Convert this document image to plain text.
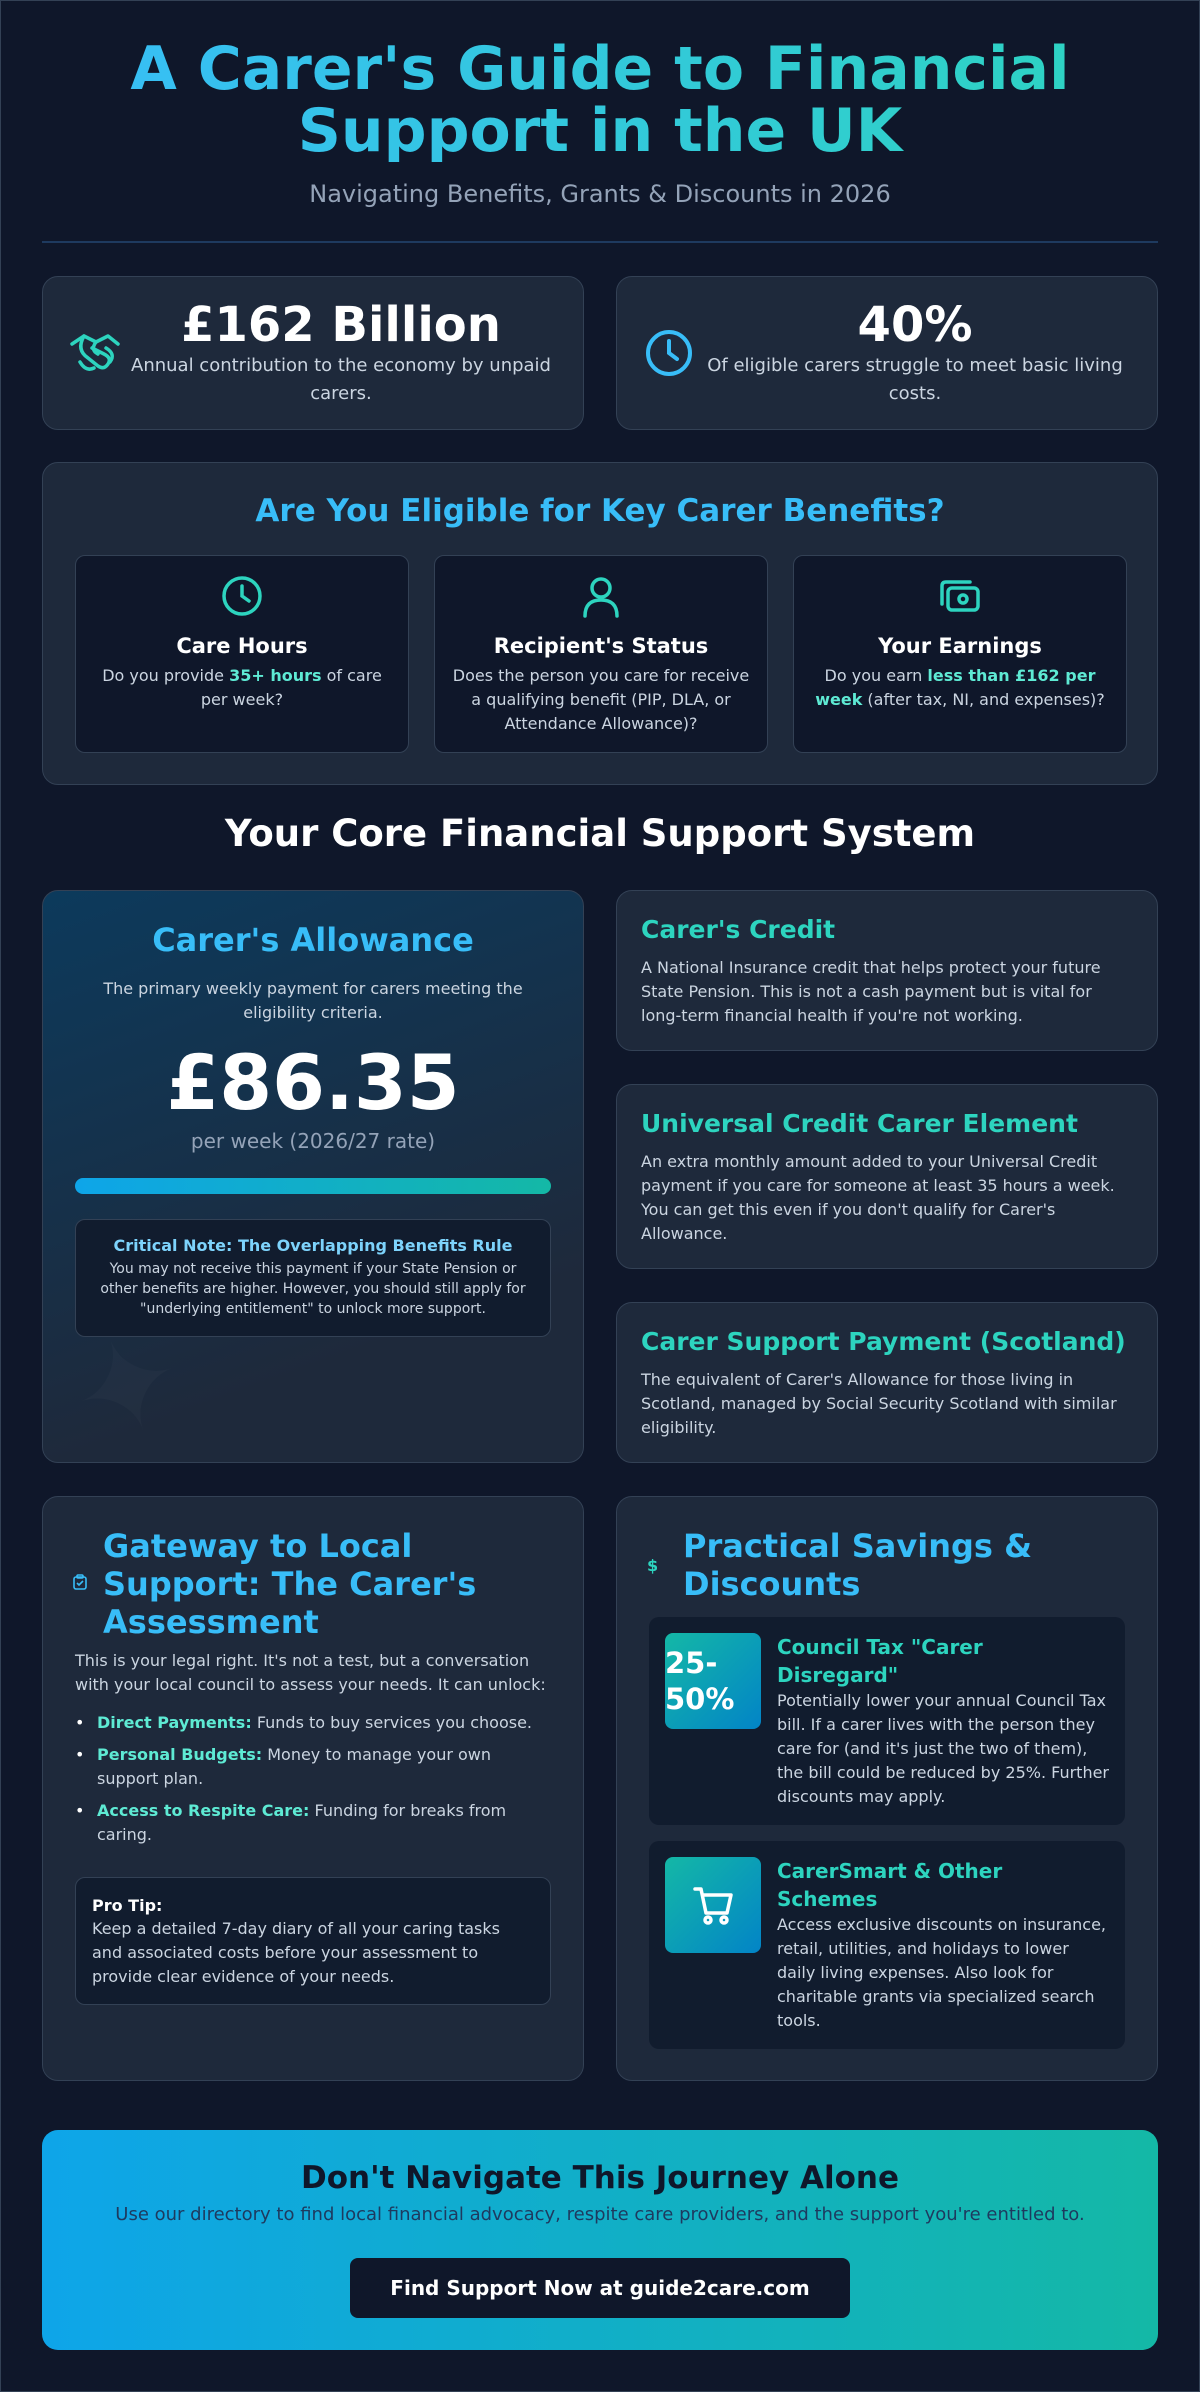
A Carer's Guide to Financial Support in the UK
Navigating Benefits, Grants & Discounts in 2026
£162 Billion
Annual contribution to the economy by unpaid carers.
40%
Of eligible carers struggle to meet basic living costs.
Are You Eligible for Key Carer Benefits?
Care Hours
Do you provide 35+ hours of care per week?
Recipient's Status
Does the person you care for receive a qualifying benefit (PIP, DLA, or Attendance Allowance)?
Your Earnings
Do you earn less than £162 per week (after tax, NI, and expenses)?
Your Core Financial Support System
Carer's Allowance
The primary weekly payment for carers meeting the eligibility criteria.
£86.35
per week (2026/27 rate)
Critical Note: The Overlapping Benefits Rule
You may not receive this payment if your State Pension or other benefits are higher. However, you should still apply for "underlying entitlement" to unlock more support.
Carer's Credit
A National Insurance credit that helps protect your future State Pension. This is not a cash payment but is vital for long-term financial health if you're not working.
Universal Credit Carer Element
An extra monthly amount added to your Universal Credit payment if you care for someone at least 35 hours a week. You can get this even if you don't qualify for Carer's Allowance.
Carer Support Payment (Scotland)
The equivalent of Carer's Allowance for those living in Scotland, managed by Social Security Scotland with similar eligibility.
Gateway to Local Support: The Carer's Assessment
This is your legal right. It's not a test, but a conversation with your local council to assess your needs. It can unlock:
• Direct Payments: Funds to buy services you choose.
• Personal Budgets: Money to manage your own support plan.
• Access to Respite Care: Funding for breaks from caring.
Pro Tip:
Keep a detailed 7-day diary of all your caring tasks and associated costs before your assessment to provide clear evidence of your needs.
$ Practical Savings & Discounts
25-50%
Council Tax "Carer Disregard"
Potentially lower your annual Council Tax bill. If a carer lives with the person they care for (and it's just the two of them), the bill could be reduced by 25%. Further discounts may apply.
CarerSmart & Other Schemes
Access exclusive discounts on insurance, retail, utilities, and holidays to lower daily living expenses. Also look for charitable grants via specialized search tools.
Don't Navigate This Journey Alone
Use our directory to find local financial advocacy, respite care providers, and the support you're entitled to.
Find Support Now at guide2care.com
